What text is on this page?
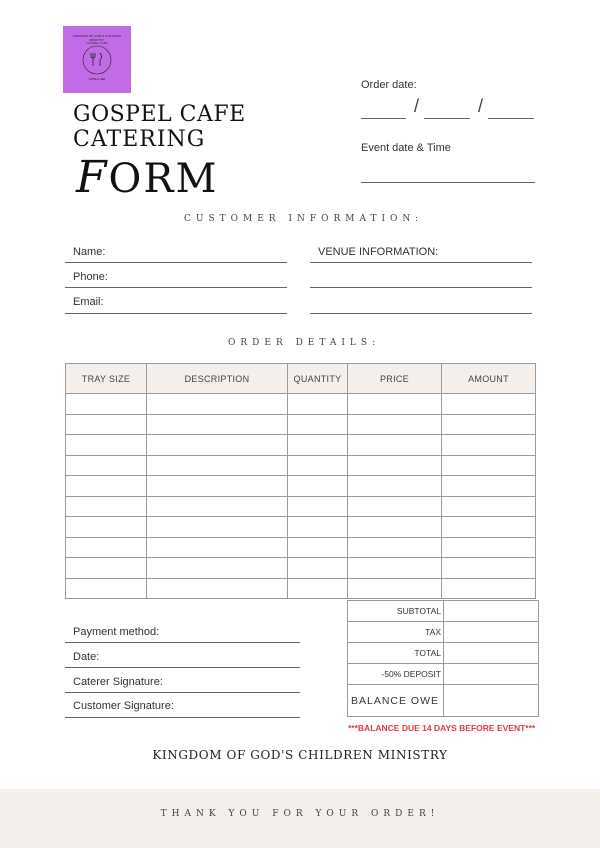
KINGDOM OF GOD'S CHILDREN MINISTRY
TASTE & SEE
GOSPEL CAFE
GOSPEL CAFE
CATERING
FORM
Order date:
/	/
Event date & Time
CUSTOMER INFORMATION:
Name:
Phone:
Email:
VENUE INFORMATION:
ORDER DETAILS:
TRAY SIZE	DESCRIPTION	QUANTITY	PRICE	AMOUNT

Payment method:
Date:
Caterer Signature:
Customer Signature:
SUBTOTAL	
TAX	
TOTAL	
-50% DEPOSIT	
BALANCE OWE	
***BALANCE DUE 14 DAYS BEFORE EVENT***
KINGDOM OF GOD'S CHILDREN MINISTRY
THANK YOU FOR YOUR ORDER!
